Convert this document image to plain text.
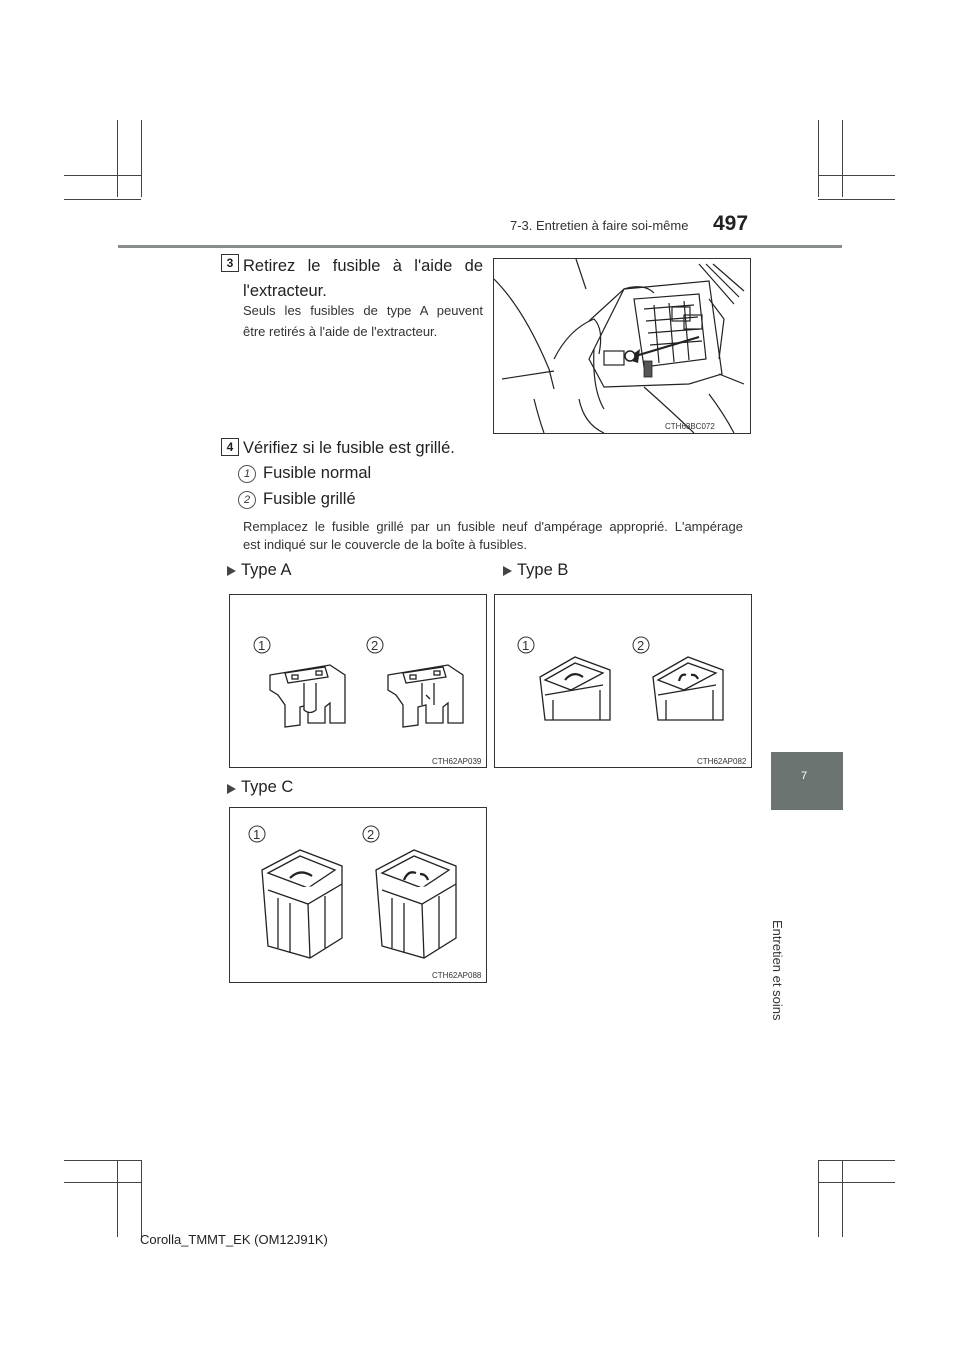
7-3. Entretien à faire soi-même 497
7
Entretien et soins
3 Retirez le fusible à l'aide de
l'extracteur.
Seuls les fusibles de type A peuvent
être retirés à l'aide de l'extracteur.
CTH63BC072
4 Vérifiez si le fusible est grillé.
1 Fusible normal
2 Fusible grillé
Remplacez le fusible grillé par un fusible neuf d'ampérage approprié. L'ampérage
est indiqué sur le couvercle de la boîte à fusibles.
Type A	Type B
1	2
CTH62AP039
1	2
CTH62AP082
Type C
1	2
CTH62AP088
Corolla_TMMT_EK (OM12J91K)
